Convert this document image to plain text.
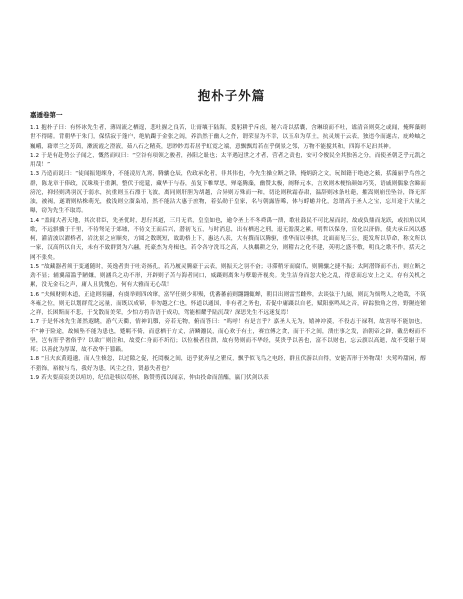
抱朴子外篇
嘉遁卷第一

1.1 抱朴子曰：有怀冰先生者，薄周流之栖遑，悲吐握之良苦，让膏壤于陆海，爰躬耕乎斥卤，秘六奇以括囊，含琳琅而不吐，谧清音则莫之或闻，掩辉藻则世不得睹。背朝华于朱门，保恬寂于蓬户，绝轨躅于金张之闾，养浩然于幽人之仵，谓荣显为不幸，以玉帛为草土，抗灵规于云表，独违今而遂古，庇岭岫之巍峨，藉翠兰之芳茵，漱流霞之澄液，茹八石之精英，思眇眇焉若居乎虹霓之端，意飘飘焉若在乎倒景之邻，万物不能搅其和，四海不足汩其神。

1.2 于是有赴势公子闻之，慨然而叹曰：“空谷有项领之骏者，孙阳之耻也；太平遇冠世之才者，营者之责也，安可令俊民全其独善之分，而使圣朝乏乎元凯之用哉！”

1.3 乃造而说曰：“徒闻振翅竦身，不能凌厉九霄，腾骧仓辰，佐政承化者，非其伟也，今先生操立断之锋，掩炳蔚之文，玩图籍于绝迹之薮，括藻丽乎鸟兽之群，陈龙章于俸政，沉珠琰于重渊，整伏于庭筵，藏华于与春，虽复下帷覃思，殚毫腾藻，幽赞太极，阐释元本，言欢则木梗怡颜如巧笑，语戚则偶象含睇而滂沱，抑轻则鸿羽沉于弱水，抗重则玉石漂于飞波，离同则肝胆为胡越，合异则万殊而一和，切论则秋霜春肃，温辞则冰条吐葩，摧嵩则崩岳坠谷，锋无浑浊，被褐，遂谓则枯株萌光，救浅则立溜枭靖，然不能沾大惠于庶物，着弘勋于皇家，名与朝露皆晞，体与蜉蝣并化，忽谓高于圣人之宝，忘川途于大量之曝，窃为先生不取焉。

1.4 “盖闻大者天地，其次君臣，先圣优时，思行其道，三月无君，皇皇如也，逾令圣上不冬舜禹一溃，歌社鼓民不可比屋而封，故或负鼎而龙跃，或扣角以风歌，不远骐骥于千里，不待驽足于郊墟，不待文王而后兴，潜初飞五，与时消息，出有栖迟之刑，退无澹漠之累，明哲以保身，宣化以济俗，使夫承丘风以感柯，灌清波以濯桥者，岩沈景之应顺矣，方圆之数既短，故助格上下，惠达八表，大有撰而以腾驱，重华而以垂拱，北面而见三公，挺发所以草命，称文所以一家，汉高所以自天，未有不致群贤为六翮，托豪杰为舟楫也，若令各守洗耳之高，人执耦耕之分，则稽古之化不建，英明之盛不敷，明良之歌不作，括天之网不张矣。

1.5 “故藏器者须于变通随时，英逸者贵于吐奇扬孔，若乃履灵腾豪于云表，则振天之羽不奋；寻滞稍牙而腐爪，则腾骧之捷不振；太阿潜锋而不击，则立断之劲不显；辅翼韶滥乎陋嫌，则涵兵之功不形，开辟则子苫与海者同口，威蹑则离朱与孽聪齐视矣。先生洁身而忽大伦之乱，得意而忘安上之义，存有关机之累，没无金石之声，庸人且犹愧色，何有大雅而无心哉！

1.6 “夫倾财则木道，正途则羽翮，有虞举则四凶窜，富罕任则少卯殒，优蕃蕃前则翾翾辄蝉，朝目出则雷雪雌殄，去谈弦于九阍，则瓦为烦鸳人之绝哉，不筑冬雍之位，则无以划群荒之远量，而既以成幂，非勿越之仁也，怀道以通国，非有者之务也，若促中庸蹑以自老，赋阳驱鸣凤之音，碎踪独角之兽，野隰连锺之祥，长困斯而不悲，于戈散而美荣，少怕方将告语于成功，驾能相耀乎陆沉哉？深思先生不远迷复焉！

1.7 于是怀冰先生萧然遐眺，游气天衢，情神讥隳，旁若无物，俯而答曰：“呜呼！有是言乎？嘉圣人无为，嬉神冲漠，不役志于禄利，故害辱不能加也，不”神于险途，故倾坠不能为患也，蹙羁不倚，而意栖于方丈，济鳞灋民，而心欢于有土，赛宜傅之贪，而于不之间，溃庄事之发，治朝帝之辟，戴岳岈而不坚，岂有肝乎奢俗乎？以欲广则注和，故爱仁身而不圻衍；以位极者往溃，故有势则而不华经，莫贵乎以善也，富不以财也，忘云旗以高逝，故不受谢于周邦；以善此为厚谋，故不改华于篡籁。

1.8 “且夫玄黄遐邈，而人生倏忽，以过隙之促，托罔极之间，迅乎犹奔星之瞿反，飘乎似飞鸟之电经，群且伏游以自得，安能苦形于外物哉！夫莺吟甜闲，醇不猎饰，裕彼与鸟，我好为患，风尘之往，贤悬失者也？

1.9 若夫要高宸美以喧坊，纪信赴犊以苟拯，陈赞剪孤以闻京，仲由投命而菹醢，嬴门伏剑以表
